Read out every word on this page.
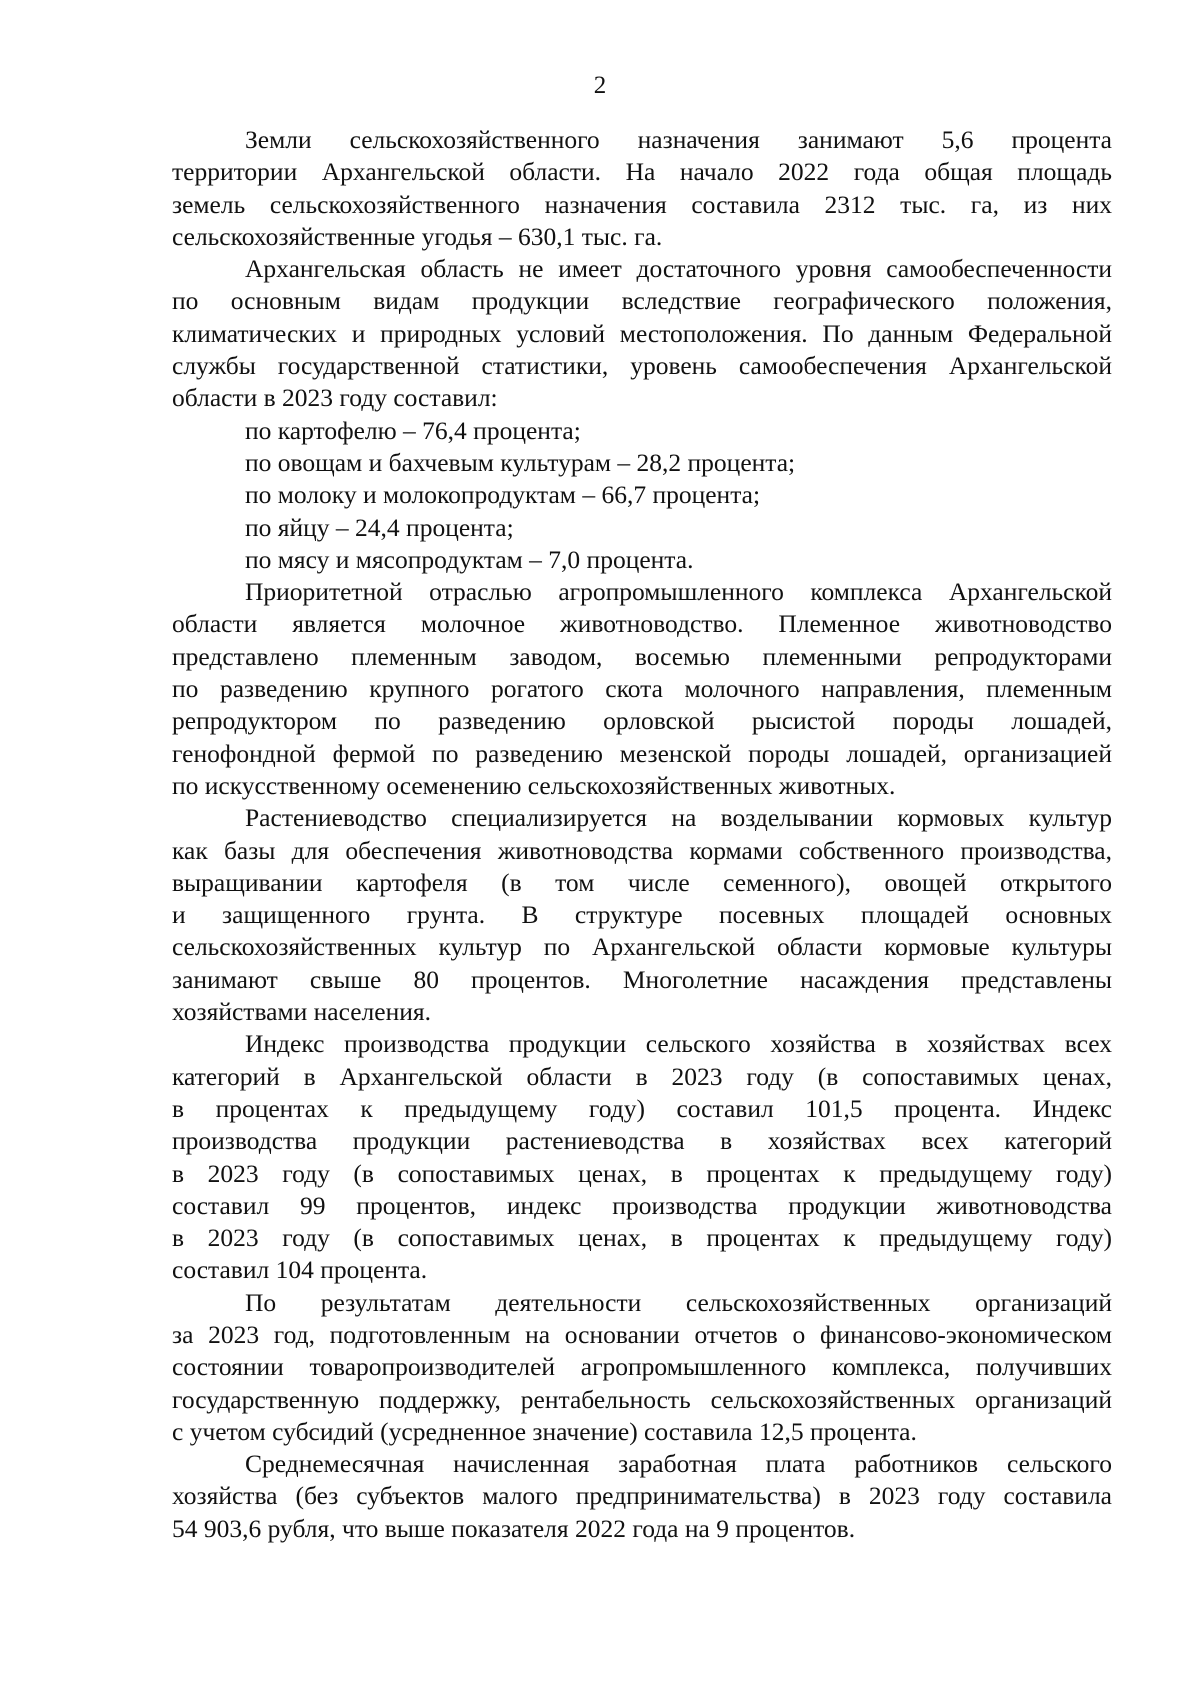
2
Земли сельскохозяйственного назначения занимают 5,6 процента
территории Архангельской области. На начало 2022 года общая площадь
земель сельскохозяйственного назначения составила 2312 тыс. га, из них
сельскохозяйственные угодья – 630,1 тыс. га.
Архангельская область не имеет достаточного уровня самообеспеченности
по основным видам продукции вследствие географического положения,
климатических и природных условий местоположения. По данным Федеральной
службы государственной статистики, уровень самообеспечения Архангельской
области в 2023 году составил:

по картофелю – 76,4 процента;

по овощам и бахчевым культурам – 28,2 процента;

по молоку и молокопродуктам – 66,7 процента;

по яйцу – 24,4 процента;

по мясу и мясопродуктам – 7,0 процента.

Приоритетной отраслью агропромышленного комплекса Архангельской
области является молочное животноводство. Племенное животноводство
представлено племенным заводом, восемью племенными репродукторами
по разведению крупного рогатого скота молочного направления, племенным
репродуктором по разведению орловской рысистой породы лошадей,
генофондной фермой по разведению мезенской породы лошадей, организацией
по искусственному осеменению сельскохозяйственных животных.
Растениеводство специализируется на возделывании кормовых культур
как базы для обеспечения животноводства кормами собственного производства,
выращивании картофеля (в том числе семенного), овощей открытого
и защищенного грунта. В структуре посевных площадей основных
сельскохозяйственных культур по Архангельской области кормовые культуры
занимают свыше 80 процентов. Многолетние насаждения представлены
хозяйствами населения.
Индекс производства продукции сельского хозяйства в хозяйствах всех
категорий в Архангельской области в 2023 году (в сопоставимых ценах,
в процентах к предыдущему году) составил 101,5 процента. Индекс
производства продукции растениеводства в хозяйствах всех категорий
в 2023 году (в сопоставимых ценах, в процентах к предыдущему году)
составил 99 процентов, индекс производства продукции животноводства
в 2023 году (в сопоставимых ценах, в процентах к предыдущему году)
составил 104 процента.
По результатам деятельности сельскохозяйственных организаций
за 2023 год, подготовленным на основании отчетов о финансово-экономическом
состоянии товаропроизводителей агропромышленного комплекса, получивших
государственную поддержку, рентабельность сельскохозяйственных организаций
с учетом субсидий (усредненное значение) составила 12,5 процента.
Среднемесячная начисленная заработная плата работников сельского
хозяйства (без субъектов малого предпринимательства) в 2023 году составила
54 903,6 рубля, что выше показателя 2022 года на 9 процентов.
